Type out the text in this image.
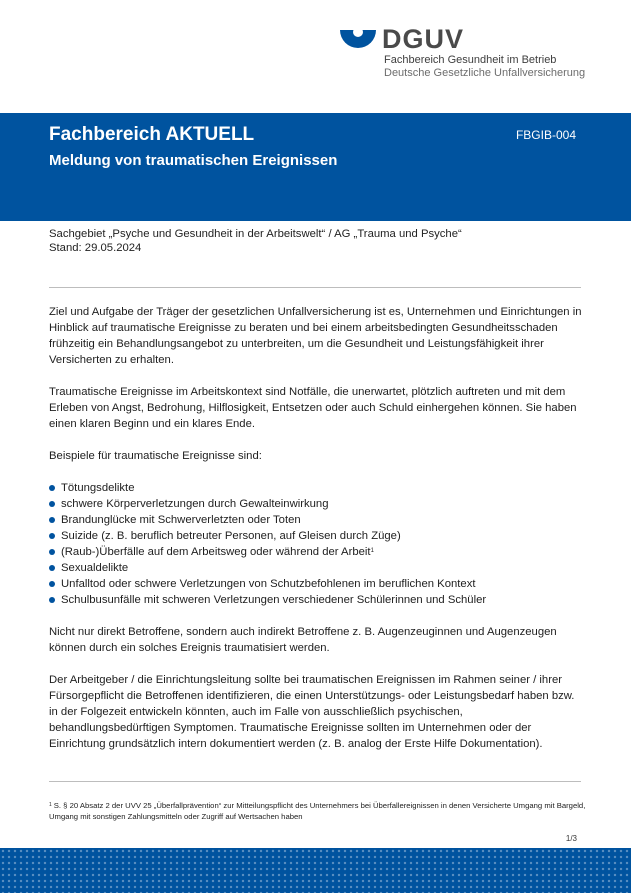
DGUV
Fachbereich Gesundheit im Betrieb
Deutsche Gesetzliche Unfallversicherung
Fachbereich AKTUELL
Meldung von traumatischen Ereignissen
FBGIB-004
Sachgebiet „Psyche und Gesundheit in der Arbeitswelt“ / AG „Trauma und Psyche“
Stand: 29.05.2024

Ziel und Aufgabe der Träger der gesetzlichen Unfallversicherung ist es, Unternehmen und Einrichtungen in Hinblick auf traumatische Ereignisse zu beraten und bei einem arbeitsbedingten Gesundheitsschaden frühzeitig ein Behandlungsangebot zu unterbreiten, um die Gesundheit und Leistungsfähigkeit ihrer Versicherten zu erhalten.

Traumatische Ereignisse im Arbeitskontext sind Notfälle, die unerwartet, plötzlich auftreten und mit dem Erleben von Angst, Bedrohung, Hilflosigkeit, Entsetzen oder auch Schuld einhergehen können. Sie haben einen klaren Beginn und ein klares Ende.

Beispiele für traumatische Ereignisse sind:

Tötungsdelikte
schwere Körperverletzungen durch Gewalteinwirkung
Brandunglücke mit Schwerverletzten oder Toten
Suizide (z. B. beruflich betreuter Personen, auf Gleisen durch Züge)
(Raub-)Überfälle auf dem Arbeitsweg oder während der Arbeit$^1$
Sexualdelikte
Unfalltod oder schwere Verletzungen von Schutzbefohlenen im beruflichen Kontext
Schulbusunfälle mit schweren Verletzungen verschiedener Schülerinnen und Schüler

Nicht nur direkt Betroffene, sondern auch indirekt Betroffene z. B. Augenzeuginnen und Augenzeugen können durch ein solches Ereignis traumatisiert werden.

Der Arbeitgeber / die Einrichtungsleitung sollte bei traumatischen Ereignissen im Rahmen seiner / ihrer Fürsorgepflicht die Betroffenen identifizieren, die einen Unterstützungs- oder Leistungsbedarf haben bzw. in der Folgezeit entwickeln könnten, auch im Falle von ausschließlich psychischen, behandlungsbedürftigen Symptomen. Traumatische Ereignisse sollten im Unternehmen oder der Einrichtung grundsätzlich intern dokumentiert werden (z. B. analog der Erste Hilfe Dokumentation).

$^1$ S. § 20 Absatz 2 der UVV 25 „Überfallprävention“ zur Mitteilungspflicht des Unternehmers bei Überfallereignissen in denen Versicherte Umgang mit Bargeld, Umgang mit sonstigen Zahlungsmitteln oder Zugriff auf Wertsachen haben
1/3
